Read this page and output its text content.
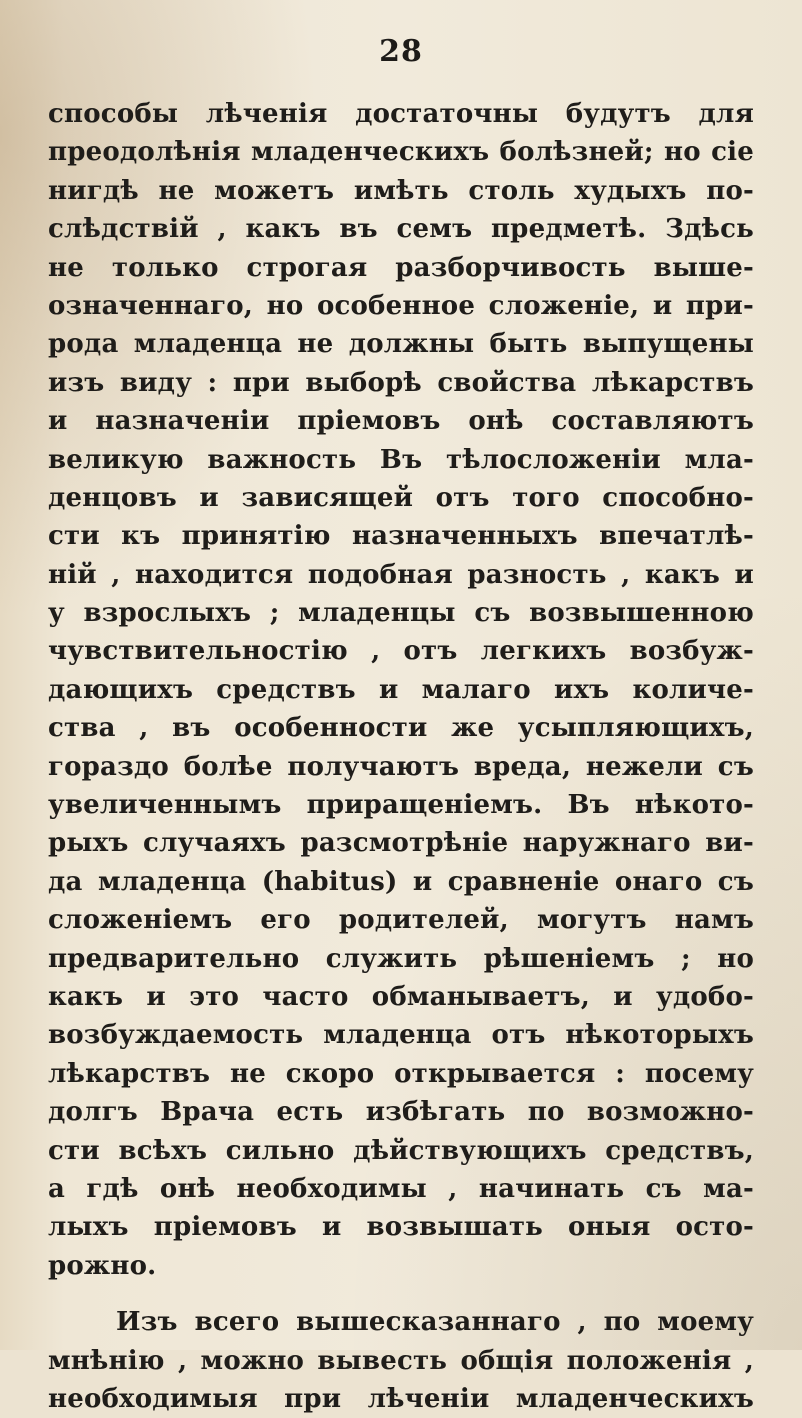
28
способы лѣченія достаточны будутъ для
преодолѣнія младенческихъ болѣзней; но сіе
нигдѣ не можетъ имѣть столь худыхъ по-
слѣдствій , какъ въ семъ предметѣ. Здѣсь
не только строгая разборчивость выше-
означеннаго, но особенное сложеніе, и при-
рода младенца не должны быть выпущены
изъ виду : при выборѣ свойства лѣкарствъ
и назначеніи пріемовъ онѣ составляютъ
великую важность Въ тѣлосложеніи мла-
денцовъ и зависящей отъ того способно-
сти къ принятію назначенныхъ впечатлѣ-
ній , находится подобная разность , какъ и
у взрослыхъ ; младенцы съ возвышенною
чувствительностію , отъ легкихъ возбуж-
дающихъ средствъ и малаго ихъ количе-
ства , въ особенности же усыпляющихъ,
гораздо болѣе получаютъ вреда, нежели съ
увеличеннымъ приращеніемъ. Въ нѣкото-
рыхъ случаяхъ разсмотрѣніе наружнаго ви-
да младенца (habitus) и сравненіе онаго съ
сложеніемъ его родителей, могутъ намъ
предварительно служить рѣшеніемъ ; но
какъ и это часто обманываетъ, и удобо-
возбуждаемость младенца отъ нѣкоторыхъ
лѣкарствъ не скоро открывается : посему
долгъ Врача есть избѣгать по возможно-
сти всѣхъ сильно дѣйствующихъ средствъ,
а гдѣ онѣ необходимы , начинать съ ма-
лыхъ пріемовъ и возвышать оныя осто-
рожно.
Изъ всего вышесказаннаго , по моему
мнѣнію , можно вывесть общія положенія ,
необходимыя при лѣченіи младенческихъ
